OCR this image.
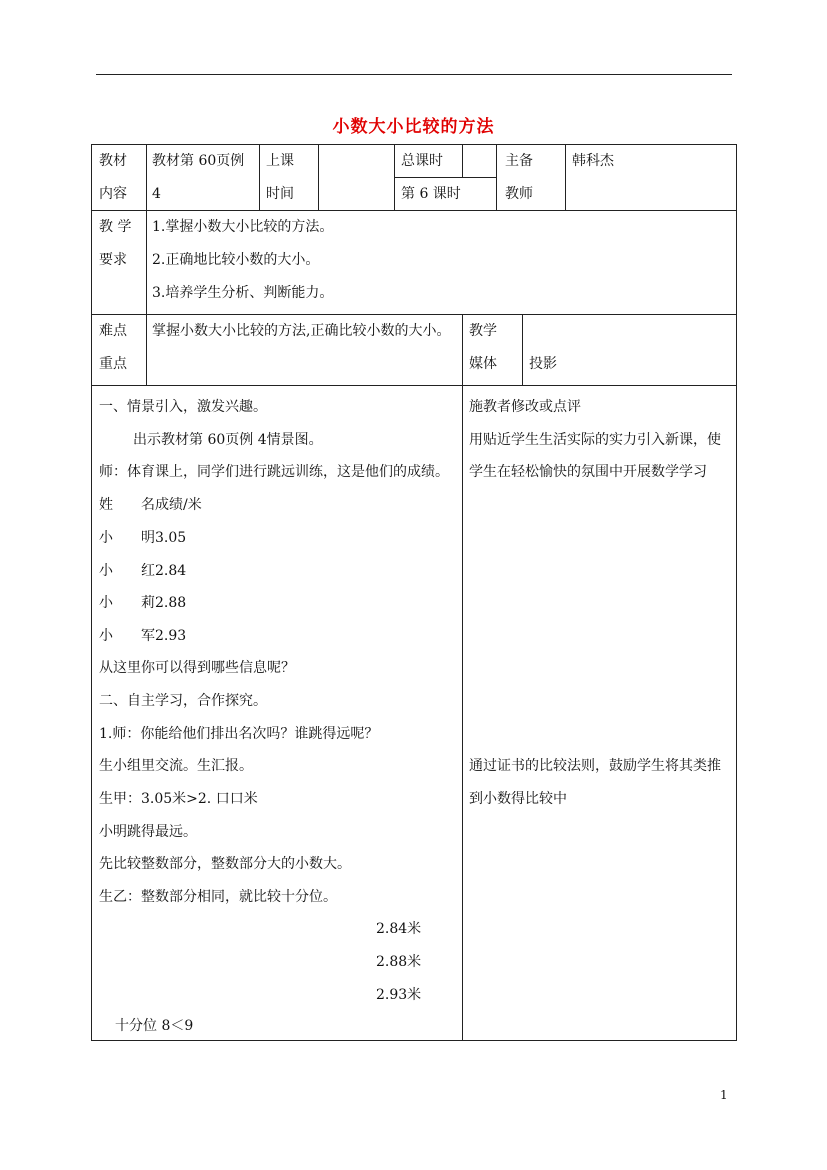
小数大小比较的方法
教材
内容
教材第 60页例
4
上课
时间
总课时
第 6 课时
主备
教师
韩科杰
教 学
要求
1.掌握小数大小比较的方法。
2.正确地比较小数的大小。
3.培养学生分析、判断能力。
难点
重点
掌握小数大小比较的方法,正确比较小数的大小。 教学
媒体 投影
一、情景引入，激发兴趣。
出示教材第 60页例 4情景图。
师：体育课上，同学们进行跳远训练，这是他们的成绩。
姓　　名成绩/米
小　　明3.05
小　　红2.84
小　　莉2.88
小　　军2.93
从这里你可以得到哪些信息呢？
二、自主学习，合作探究。
1.师：你能给他们排出名次吗？谁跳得远呢？
生小组里交流。生汇报。
生甲：3.05米>2. 口口米
小明跳得最远。
先比较整数部分，整数部分大的小数大。
生乙：整数部分相同，就比较十分位。
2.84米
2.88米
2.93米
十分位 8＜9
施教者修改或点评
用贴近学生生活实际的实力引入新课，使
学生在轻松愉快的氛围中开展数学学习
通过证书的比较法则，鼓励学生将其类推
到小数得比较中
1
